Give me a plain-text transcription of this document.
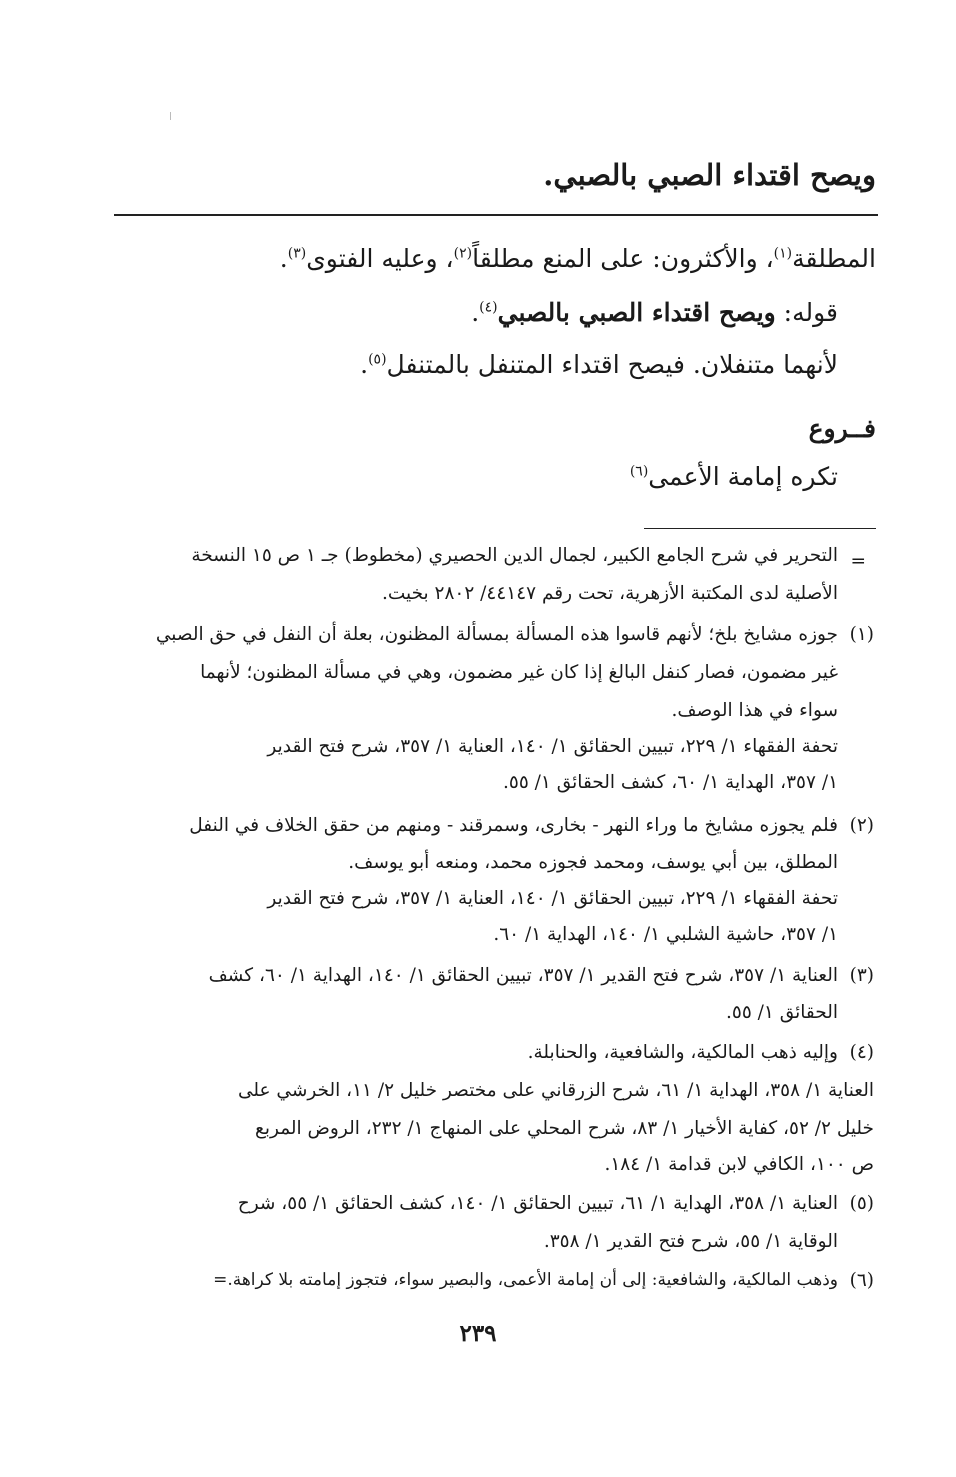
ويصح اقتداء الصبي بالصبي.
المطلقة$^{(١)}$، والأكثرون: على المنع مطلقاً$^{(٢)}$، وعليه الفتوى$^{(٣)}$.
قوله: ويصح اقتداء الصبي بالصبي$^{(٤)}$.
لأنهما متنفلان. فيصح اقتداء المتنفل بالمتنفل$^{(٥)}$.
فــروع
تكره إمامة الأعمى$^{(٦)}$
=
التحرير في شرح الجامع الكبير، لجمال الدين الحصيري (مخطوط) جـ ١ ص ١٥ النسخة
الأصلية لدى المكتبة الأزهرية، تحت رقم ٤٤١٤٧/ ٢٨٠٢ بخيت.
(١)
جوزه مشايخ بلخ؛ لأنهم قاسوا هذه المسألة بمسألة المظنون، بعلة أن النفل في حق الصبي
غير مضمون، فصار كنفل البالغ إذا كان غير مضمون، وهي في مسألة المظنون؛ لأنهما
سواء في هذا الوصف.
تحفة الفقهاء ١/ ٢٢٩، تبيين الحقائق ١/ ١٤٠، العناية ١/ ٣٥٧، شرح فتح القدير
١/ ٣٥٧، الهداية ١/ ٦٠، كشف الحقائق ١/ ٥٥.
(٢)
فلم يجوزه مشايخ ما وراء النهر - بخارى، وسمرقند - ومنهم من حقق الخلاف في النفل
المطلق، بين أبي يوسف، ومحمد فجوزه محمد، ومنعه أبو يوسف.
تحفة الفقهاء ١/ ٢٢٩، تبيين الحقائق ١/ ١٤٠، العناية ١/ ٣٥٧، شرح فتح القدير
١/ ٣٥٧، حاشية الشلبي ١/ ١٤٠، الهداية ١/ ٦٠.
(٣)
العناية ١/ ٣٥٧، شرح فتح القدير ١/ ٣٥٧، تبيين الحقائق ١/ ١٤٠، الهداية ١/ ٦٠، كشف
الحقائق ١/ ٥٥.
(٤)
وإليه ذهب المالكية، والشافعية، والحنابلة.
العناية ١/ ٣٥٨، الهداية ١/ ٦١، شرح الزرقاني على مختصر خليل ٢/ ١١، الخرشي على
خليل ٢/ ٥٢، كفاية الأخيار ١/ ٨٣، شرح المحلي على المنهاج ١/ ٢٣٢، الروض المربع
ص ١٠٠، الكافي لابن قدامة ١/ ١٨٤.
(٥)
العناية ١/ ٣٥٨، الهداية ١/ ٦١، تبيين الحقائق ١/ ١٤٠، كشف الحقائق ١/ ٥٥، شرح
الوقاية ١/ ٥٥، شرح فتح القدير ١/ ٣٥٨.
(٦)
وذهب المالكية، والشافعية: إلى أن إمامة الأعمى، والبصير سواء، فتجوز إمامته بلا كراهة.=
٢٣٩
